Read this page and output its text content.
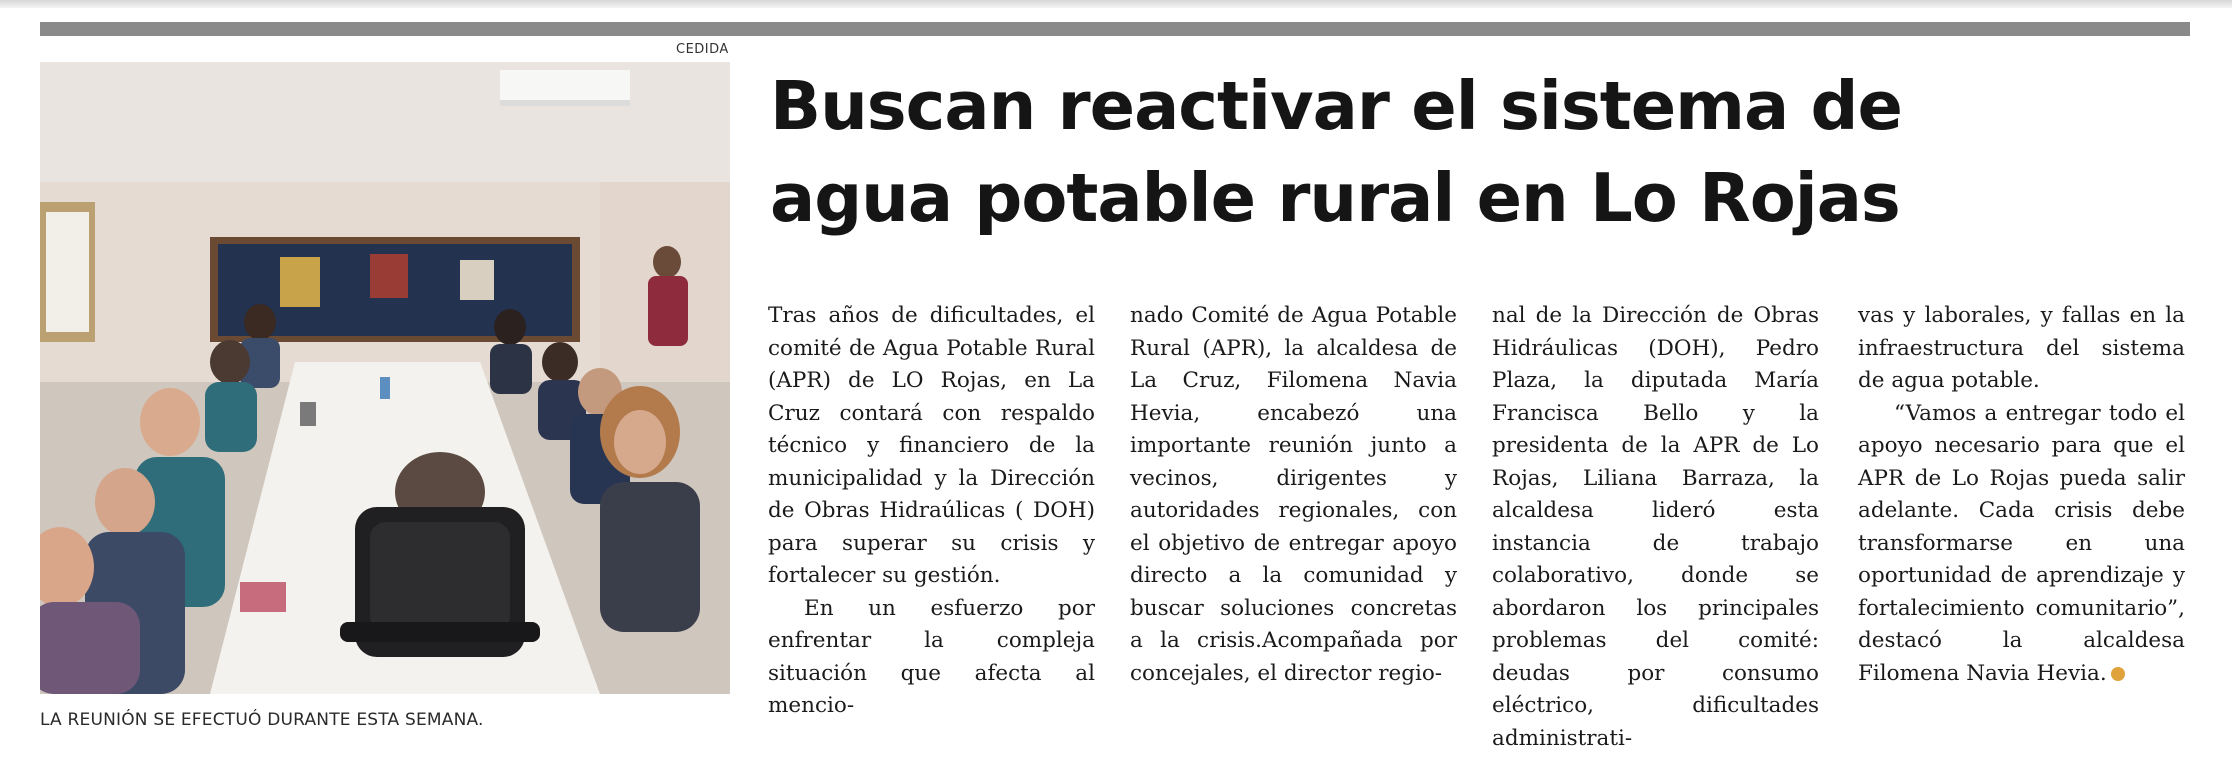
CEDIDA
LA REUNIÓN SE EFECTUÓ DURANTE ESTA SEMANA.
Buscan reactivar el sistema de
agua potable rural en Lo Rojas

Tras años de dificultades, el comité de Agua Potable Rural (APR) de LO Rojas, en La Cruz contará con respaldo técnico y financiero de la municipalidad y la Dirección de Obras Hidraúlicas ( DOH) para superar su crisis y fortalecer su gestión.

En un esfuerzo por enfrentar la compleja situación que afecta al mencio-

nado Comité de Agua Potable Rural (APR), la alcaldesa de La Cruz, Filomena Navia Hevia, encabezó una importante reunión junto a vecinos, dirigentes y autoridades regionales, con el objetivo de entregar apoyo directo a la comunidad y buscar soluciones concretas a la crisis.Acompañada por concejales, el director regio-

nal de la Dirección de Obras Hidráulicas (DOH), Pedro Plaza, la diputada María Francisca Bello y la presidenta de la APR de Lo Rojas, Liliana Barraza, la alcaldesa lideró esta instancia de trabajo colaborativo, donde se abordaron los principales problemas del comité: deudas por consumo eléctrico, dificultades administrati-

vas y laborales, y fallas en la infraestructura del sistema de agua potable.

“Vamos a entregar todo el apoyo necesario para que el APR de Lo Rojas pueda salir adelante. Cada crisis debe transformarse en una oportunidad de aprendizaje y fortalecimiento comunitario”, destacó la alcaldesa Filomena Navia Hevia.
